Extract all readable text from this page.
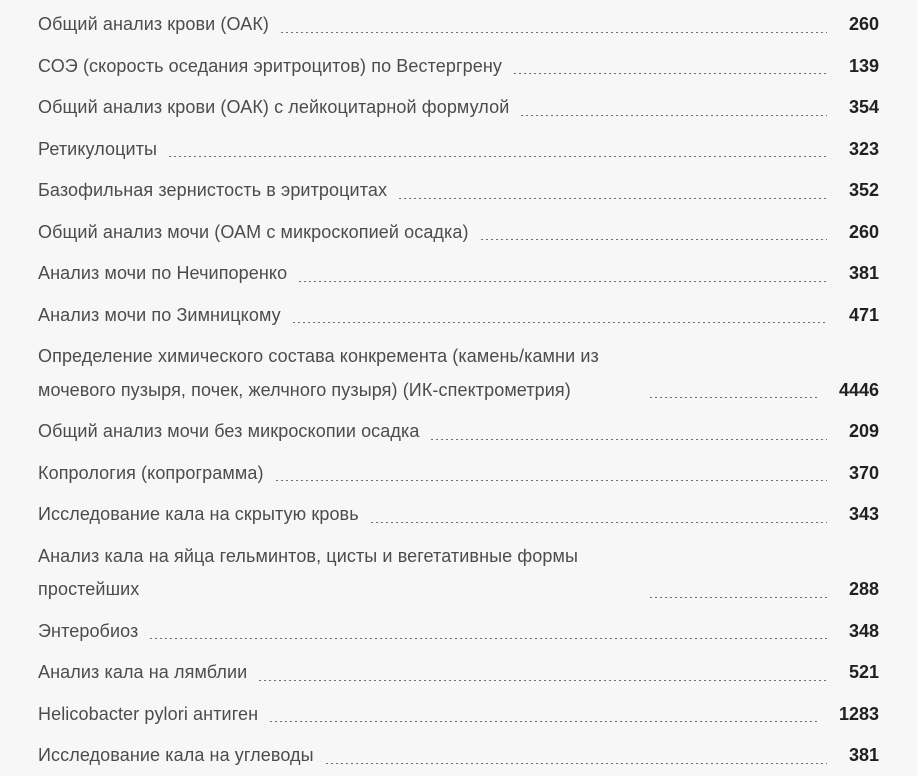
Общий анализ крови (ОАК)	260
СОЭ (скорость оседания эритроцитов) по Вестергрену	139
Общий анализ крови (ОАК) с лейкоцитарной формулой	354
Ретикулоциты	323
Базофильная зернистость в эритроцитах	352
Общий анализ мочи (ОАМ с микроскопией осадка)	260
Анализ мочи по Нечипоренко	381
Анализ мочи по Зимницкому	471
Определение химического состава конкремента (камень/камни из мочевого пузыря, почек, желчного пузыря) (ИК-спектрометрия)	4446
Общий анализ мочи без микроскопии осадка	209
Копрология (копрограмма)	370
Исследование кала на скрытую кровь	343
Анализ кала на яйца гельминтов, цисты и вегетативные формы простейших	288
Энтеробиоз	348
Анализ кала на лямблии	521
Helicobacter pylori антиген	1283
Исследование кала на углеводы	381
